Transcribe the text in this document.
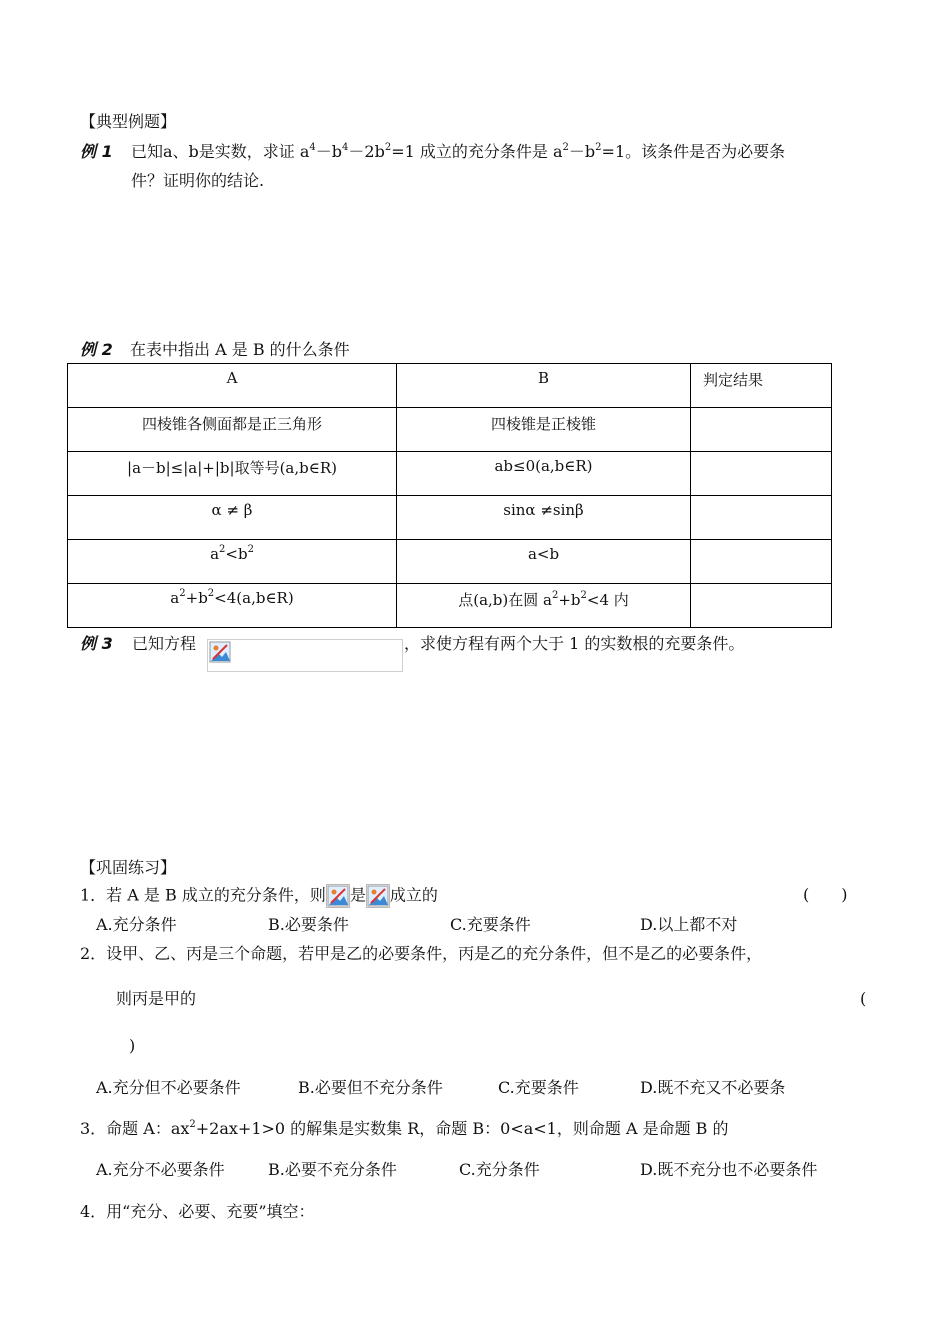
【典型例题】
例 1 已知a、b是实数，求证 $a^4-b^4-2b^2=1$ 成立的充分条件是 $a^2-b^2=1$。该条件是否为必要条
件？证明你的结论.
例 2 在表中指出 A 是 B 的什么条件
A	B	判定结果

四棱锥各侧面都是正三角形	四棱锥是正棱锥	

|a－b|≤|a|+|b|取等号(a,b∈R)	ab≤0(a,b∈R)	

α ≠ β	sinα ≠sinβ	

$a^2<b^2$	a<b	

$a^2+b^2<4(a,b\in R)$	点(a,b)在圆 $a^2+b^2<4$ 内	

例 3 已知方程	，求使方程有两个大于 1 的实数根的充要条件。
【巩固练习】
1．若 A 是 B 成立的充分条件，则 是 成立的	(　　)
A.充分条件	B.必要条件	C.充要条件	D.以上都不对
2．设甲、乙、丙是三个命题，若甲是乙的必要条件，丙是乙的充分条件，但不是乙的必要条件，
则丙是甲的	(
)
A.充分但不必要条件	B.必要但不充分条件	C.充要条件	D.既不充又不必要条
3．命题 A：$ax^2+2ax+1>0$ 的解集是实数集 R，命题 B：0<a<1，则命题 A 是命题 B 的
A.充分不必要条件	B.必要不充分条件	C.充分条件	D.既不充分也不必要条件
4．用“充分、必要、充要”填空：
